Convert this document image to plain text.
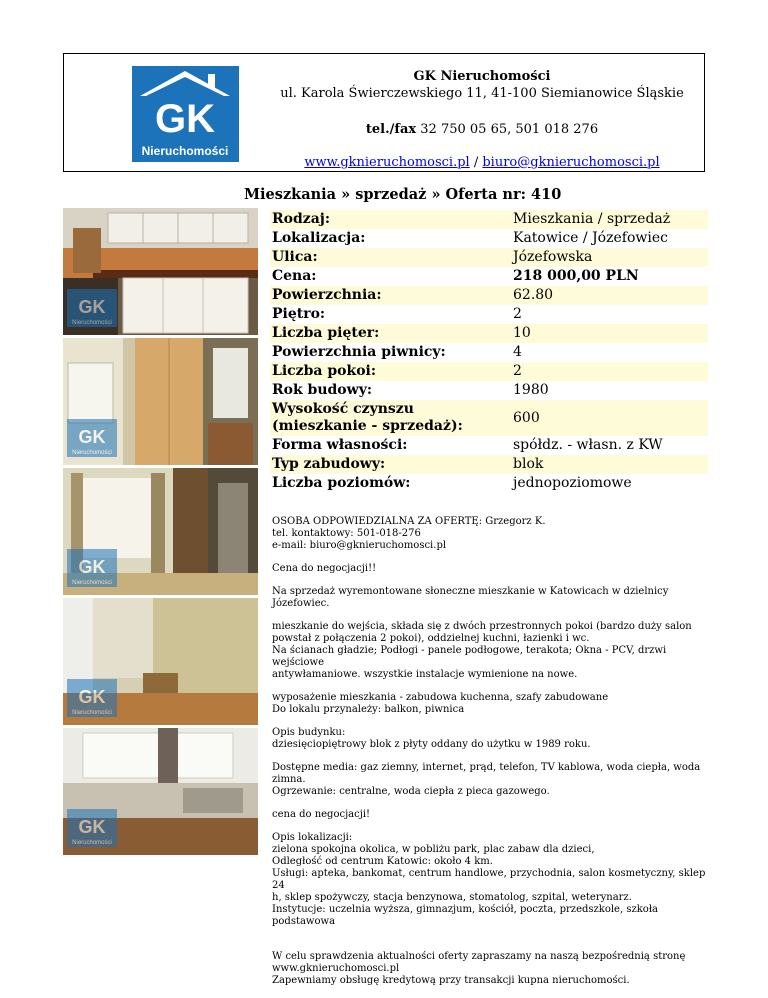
GK
Nieruchomości
GK Nieruchomości
ul. Karola Świerczewskiego 11, 41-100 Siemianowice Śląskie
tel./fax 32 750 05 65, 501 018 276
www.gknieruchomosci.pl / biuro@gknieruchomosci.pl
Mieszkania » sprzedaż » Oferta nr: 410
GK
Nieruchomości
GK
Nieruchomości
GK
Nieruchomości
GK
Nieruchomości
GK
Nieruchomości
Rodzaj:	Mieszkania / sprzedaż
Lokalizacja:	Katowice / Józefowiec
Ulica:	Józefowska
Cena:	218 000,00 PLN
Powierzchnia:	62.80
Piętro:	2
Liczba pięter:	10
Powierzchnia piwnicy:	4
Liczba pokoi:	2
Rok budowy:	1980
Wysokość czynszu (mieszkanie - sprzedaż):	600
Forma własności:	spółdz. - własn. z KW
Typ zabudowy:	blok
Liczba poziomów:	jednopoziomowe

OSOBA ODPOWIEDZIALNA ZA OFERTĘ: Grzegorz K.
tel. kontaktowy: 501-018-276
e-mail: biuro@gknieruchomosci.pl

Cena do negocjacji!!

Na sprzedaż wyremontowane słoneczne mieszkanie w Katowicach w dzielnicy Józefowiec.

mieszkanie do wejścia, składa się z dwóch przestronnych pokoi (bardzo duży salon
powstał z połączenia 2 pokoi), oddzielnej kuchni, łazienki i wc.
Na ścianach gładzie; Podłogi - panele podłogowe, terakota; Okna - PCV, drzwi wejściowe
antywłamaniowe. wszystkie instalacje wymienione na nowe.

wyposażenie mieszkania - zabudowa kuchenna, szafy zabudowane
Do lokalu przynależy: balkon, piwnica

Opis budynku:
dziesięciopiętrowy blok z płyty oddany do użytku w 1989 roku.

Dostępne media: gaz ziemny, internet, prąd, telefon, TV kablowa, woda ciepła, woda
zimna.
Ogrzewanie: centralne, woda ciepła z pieca gazowego.

cena do negocjacji!

Opis lokalizacji:
zielona spokojna okolica, w pobliżu park, plac zabaw dla dzieci,
Odległość od centrum Katowic: około 4 km.
Usługi: apteka, bankomat, centrum handlowe, przychodnia, salon kosmetyczny, sklep 24
h, sklep spożywczy, stacja benzynowa, stomatolog, szpital, weterynarz.
Instytucje: uczelnia wyższa, gimnazjum, kościół, poczta, przedszkole, szkoła podstawowa

W celu sprawdzenia aktualności oferty zapraszamy na naszą bezpośrednią stronę
www.gknieruchomosci.pl
Zapewniamy obsługę kredytową przy transakcji kupna nieruchomości.
